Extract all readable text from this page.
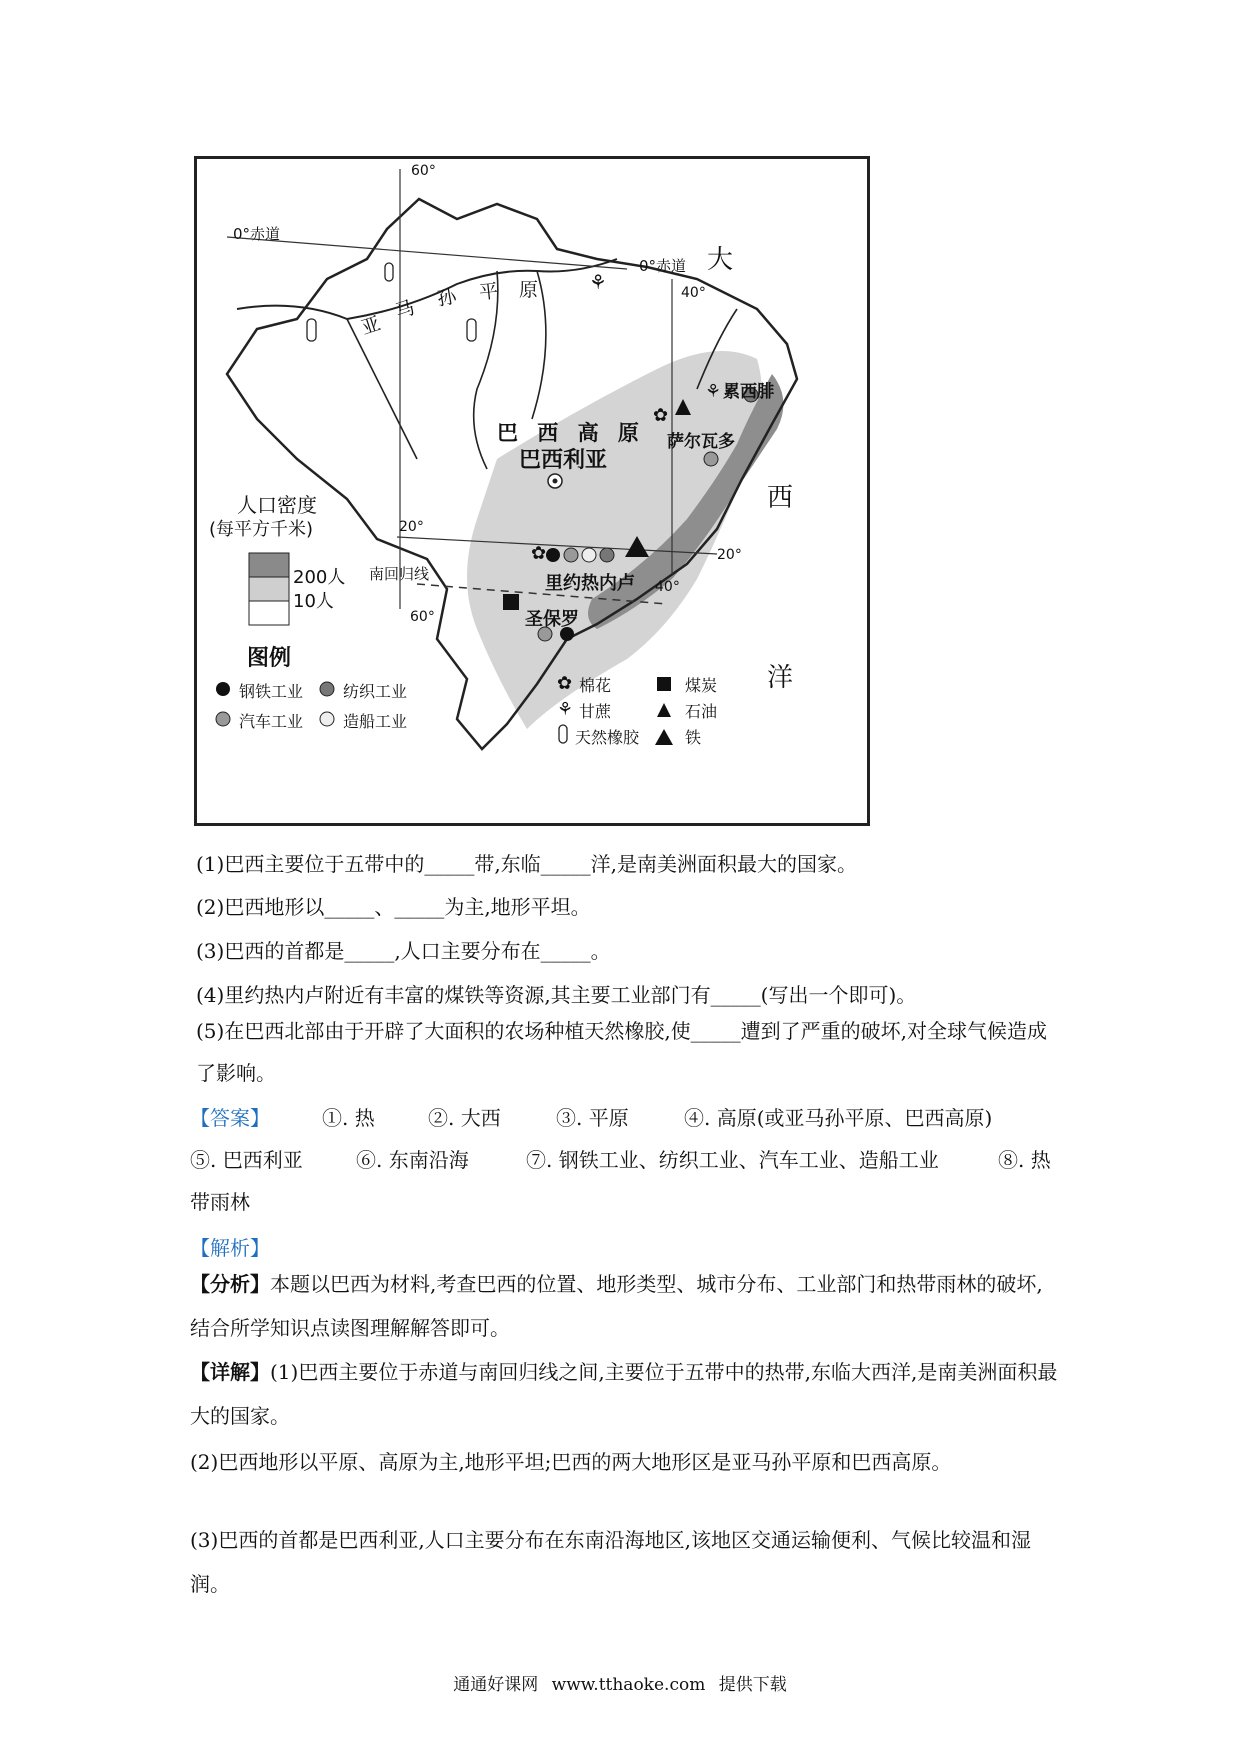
✿
✿
⚘
⚘
✿
⚘
60°
40°
60°
40°
0°赤道
0°赤道
20°
20°
南回归线
亚
马 孙 平 原
巴 西 高 原
巴西利亚
大
西
洋
累西腓
萨尔瓦多
里约热内卢
圣保罗
人口密度
(每平方千米)
200人
10人
图例
钢铁工业 纺织工业
汽车工业 造船工业
棉花
甘蔗
天然橡胶
煤炭
石油
铁
(1)巴西主要位于五带中的_____带,东临_____洋,是南美洲面积最大的国家。
(2)巴西地形以_____、_____为主,地形平坦。
(3)巴西的首都是_____,人口主要分布在_____。
(4)里约热内卢附近有丰富的煤铁等资源,其主要工业部门有_____(写出一个即可)。
(5)在巴西北部由于开辟了大面积的农场种植天然橡胶,使_____遭到了严重的破坏,对全球气候造成了影响。
【答案】	①. 热	②. 大西	③. 平原	④. 高原(或亚马孙平原、巴西高原)
⑤. 巴西利亚	⑥. 东南沿海	⑦. 钢铁工业、纺织工业、汽车工业、造船工业	⑧. 热
带雨林
【解析】
【分析】本题以巴西为材料,考查巴西的位置、地形类型、城市分布、工业部门和热带雨林的破坏,结合所学知识点读图理解解答即可。
【详解】(1)巴西主要位于赤道与南回归线之间,主要位于五带中的热带,东临大西洋,是南美洲面积最大的国家。
(2)巴西地形以平原、高原为主,地形平坦;巴西的两大地形区是亚马孙平原和巴西高原。
(3)巴西的首都是巴西利亚,人口主要分布在东南沿海地区,该地区交通运输便利、气候比较温和湿润。
通通好课网 www.tthaoke.com 提供下载
